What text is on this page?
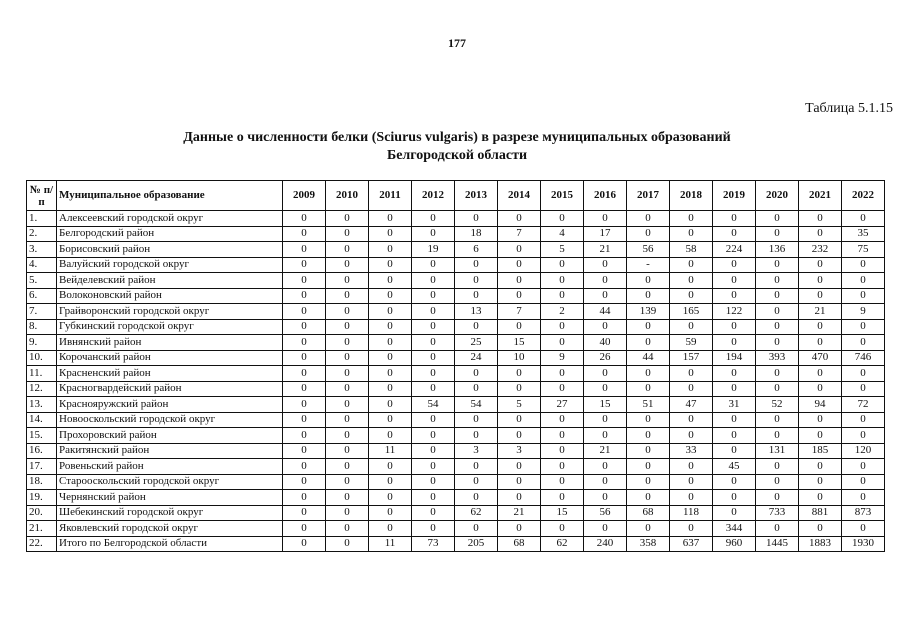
177
Таблица 5.1.15
Данные о численности белки (Sciurus vulgaris) в разрезе муниципальных образований
Белгородской области
№ п/п	Муниципальное образование	2009	2010	2011	2012	2013	2014	2015	2016	2017	2018	2019	2020	2021	2022
1.	Алексеевский городской округ	0	0	0	0	0	0	0	0	0	0	0	0	0	0
2.	Белгородский район	0	0	0	0	18	7	4	17	0	0	0	0	0	35
3.	Борисовский район	0	0	0	19	6	0	5	21	56	58	224	136	232	75
4.	Валуйский городской округ	0	0	0	0	0	0	0	0	-	0	0	0	0	0
5.	Вейделевский район	0	0	0	0	0	0	0	0	0	0	0	0	0	0
6.	Волоконовский район	0	0	0	0	0	0	0	0	0	0	0	0	0	0
7.	Грайворонский городской округ	0	0	0	0	13	7	2	44	139	165	122	0	21	9
8.	Губкинский городской округ	0	0	0	0	0	0	0	0	0	0	0	0	0	0
9.	Ивнянский район	0	0	0	0	25	15	0	40	0	59	0	0	0	0
10.	Корочанский район	0	0	0	0	24	10	9	26	44	157	194	393	470	746
11.	Красненский район	0	0	0	0	0	0	0	0	0	0	0	0	0	0
12.	Красногвардейский район	0	0	0	0	0	0	0	0	0	0	0	0	0	0
13.	Краснояружский район	0	0	0	54	54	5	27	15	51	47	31	52	94	72
14.	Новооскольский городской округ	0	0	0	0	0	0	0	0	0	0	0	0	0	0
15.	Прохоровский район	0	0	0	0	0	0	0	0	0	0	0	0	0	0
16.	Ракитянский район	0	0	11	0	3	3	0	21	0	33	0	131	185	120
17.	Ровеньский район	0	0	0	0	0	0	0	0	0	0	45	0	0	0
18.	Старооскольский городской округ	0	0	0	0	0	0	0	0	0	0	0	0	0	0
19.	Чернянский район	0	0	0	0	0	0	0	0	0	0	0	0	0	0
20.	Шебекинский городской округ	0	0	0	0	62	21	15	56	68	118	0	733	881	873
21.	Яковлевский городской округ	0	0	0	0	0	0	0	0	0	0	344	0	0	0
22.	Итого по Белгородской области	0	0	11	73	205	68	62	240	358	637	960	1445	1883	1930
